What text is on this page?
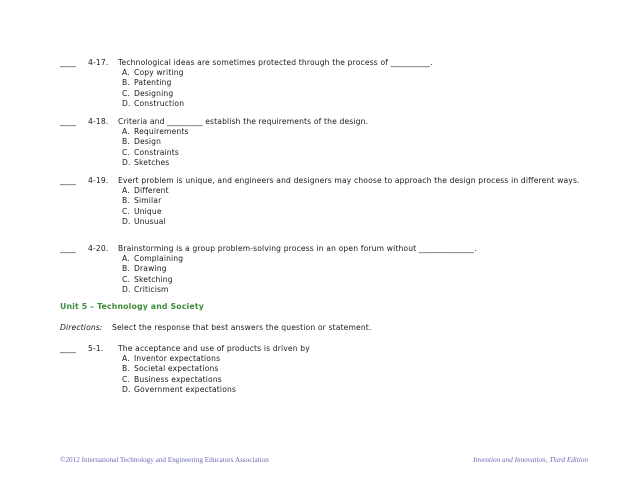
____ 4-17. Technological ideas are sometimes protected through the process of __________.
A. Copy writing
B. Patenting
C. Designing
D. Construction
____ 4-18. Criteria and _________ establish the requirements of the design.
A. Requirements
B. Design
C. Constraints
D. Sketches
____ 4-19. Evert problem is unique, and engineers and designers may choose to approach the design process in different ways.
A. Different
B. Similar
C. Unique
D. Unusual
____ 4-20. Brainstorming is a group problem-solving process in an open forum without ______________.
A. Complaining
B. Drawing
C. Sketching
D. Criticism
Unit 5 – Technology and Society
Directions: Select the response that best answers the question or statement.
____ 5-1. The acceptance and use of products is driven by
A. Inventor expectations
B. Societal expectations
C. Business expectations
D. Government expectations
©2012 International Technology and Engineering Educators Association	Invention and Innovation, Third Edition
